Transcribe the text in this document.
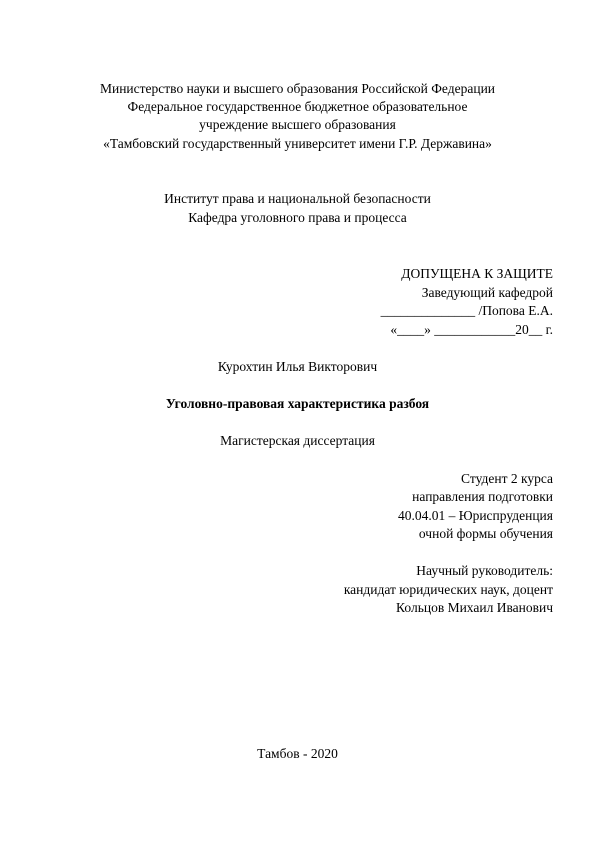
Министерство науки и высшего образования Российской Федерации
Федеральное государственное бюджетное образовательное
учреждение высшего образования
«Тамбовский государственный университет имени Г.Р. Державина»
Институт права и национальной безопасности
Кафедра уголовного права и процесса
ДОПУЩЕНА К ЗАЩИТЕ
Заведующий кафедрой
______________ /Попова Е.А.
«____» ____________20__ г.
Курохтин Илья Викторович
Уголовно-правовая характеристика разбоя
Магистерская диссертация
Студент 2 курса
направления подготовки
40.04.01 – Юриспруденция
очной формы обучения
Научный руководитель:
кандидат юридических наук, доцент
Кольцов Михаил Иванович
Тамбов - 2020
